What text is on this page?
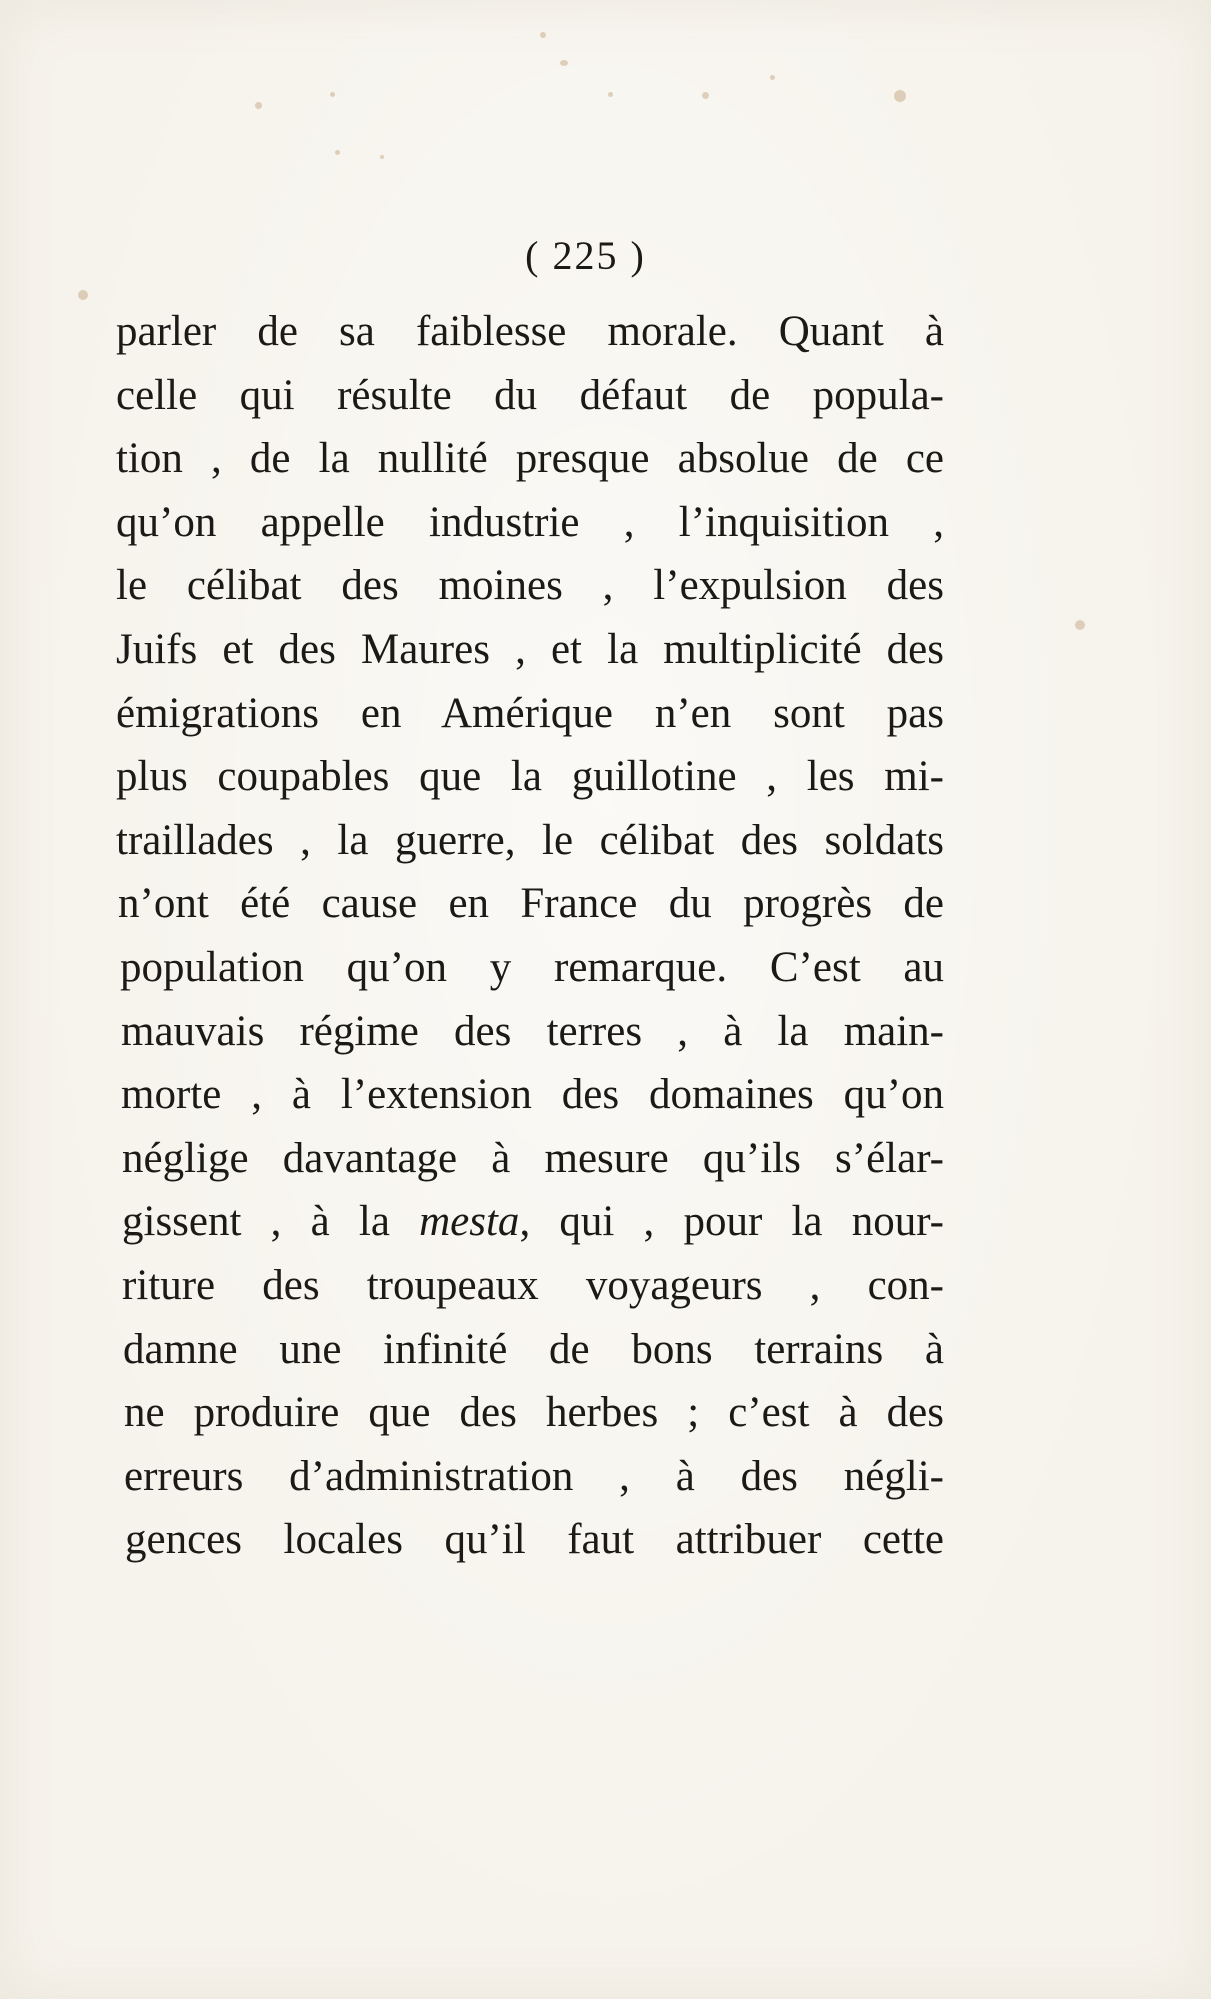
( 225 )
parler de sa faiblesse morale. Quant à
celle qui résulte du défaut de popula-
tion , de la nullité presque absolue de ce
qu’on appelle industrie , l’inquisition ,
le célibat des moines , l’expulsion des
Juifs et des Maures , et la multiplicité des
émigrations en Amérique n’en sont pas
plus coupables que la guillotine , les mi-
traillades , la guerre, le célibat des soldats
n’ont été cause en France du progrès de
population qu’on y remarque. C’est au
mauvais régime des terres , à la main-
morte , à l’extension des domaines qu’on
néglige davantage à mesure qu’ils s’élar-
gissent , à la mesta, qui , pour la nour-
riture des troupeaux voyageurs , con-
damne une infinité de bons terrains à
ne produire que des herbes ; c’est à des
erreurs d’administration , à des négli-
gences locales qu’il faut attribuer cette
